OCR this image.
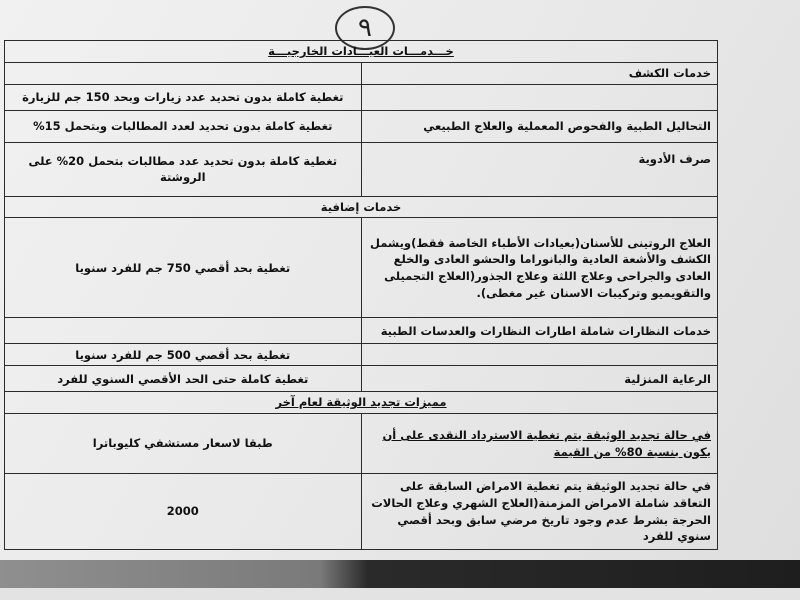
٩
خـــدمـــات العيـــادات الخارجيـــة	
خدمات الكشف	
	تغطية كاملة بدون تحديد عدد زيارات وبحد 150 جم للزيارة
التحاليل الطبية والفحوص المعملية والعلاج الطبيعي	تغطية كاملة بدون تحديد لعدد المطالبات وبتحمل 15%
صرف الأدوية	تغطية كاملة بدون تحديد عدد مطالبات بتحمل 20% على الروشتة
خدمات إضافية	
العلاج الروتينى للأسنان(بعيادات الأطباء الخاصة فقط)ويشمل الكشف والأشعة العادية والبانوراما والحشو العادى والخلع العادى والجراحى وعلاج اللثة وعلاج الجذور(العلاج التجميلى والتقويميو وتركيبات الاسنان غير مغطى).	تغطية بحد أقصي 750 جم للفرد سنويا
خدمات النظارات شاملة اطارات النظارات والعدسات الطبية	
	تغطية بحد أقصي 500 جم للفرد سنويا
الرعاية المنزلية	تغطية كاملة حتى الحد الأقصي السنوي للفرد
مميزات تجديد الوثيقة لعام آخر	
في حالة تجديد الوثيقة يتم تغطية الاسترداد النقدى على أن يكون بنسبة 80% من القيمة	طبقا لاسعار مستشفي كليوباترا
في حالة تجديد الوثيقة يتم تغطية الامراض السابقة على التعاقد شاملة الامراض المزمنة(العلاج الشهري وعلاج الحالات الحرجة بشرط عدم وجود تاريخ مرضي سابق وبحد أقصي سنوي للفرد	2000
